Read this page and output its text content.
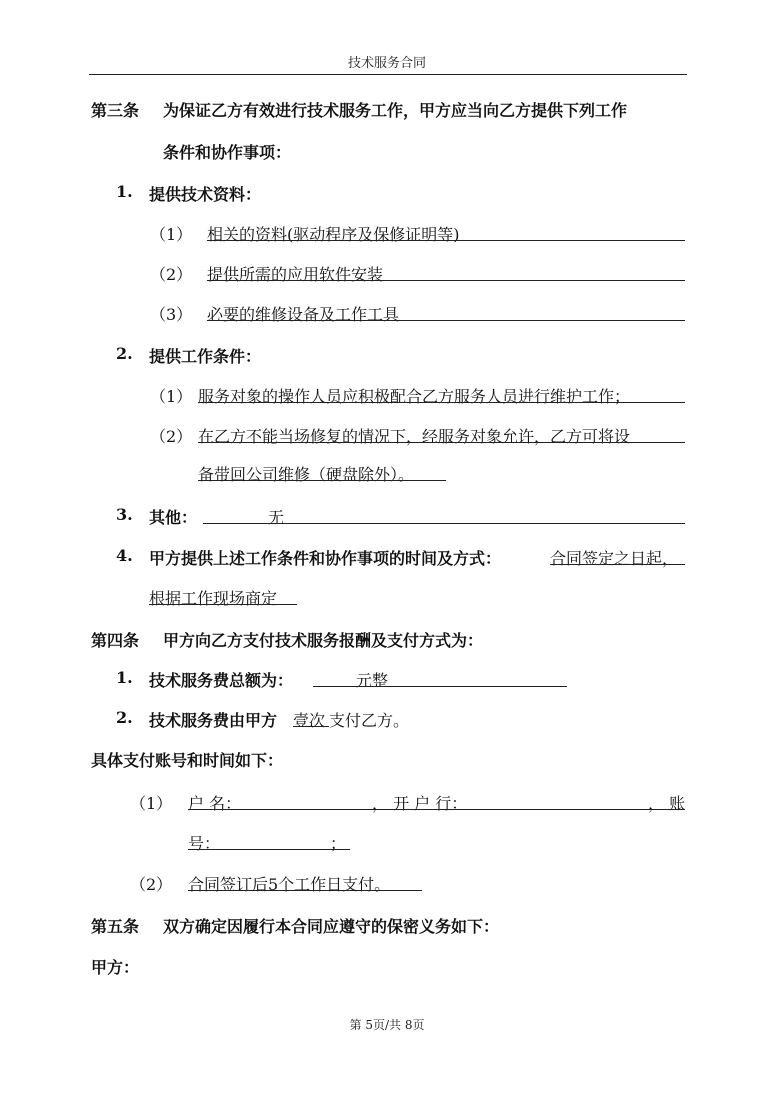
技术服务合同
第三条 为保证乙方有效进行技术服务工作，甲方应当向乙方提供下列工作
条件和协作事项：
1. 提供技术资料：
（1） 相关的资料(驱动程序及保修证明等)
（2） 提供所需的应用软件安装
（3） 必要的维修设备及工作工具
2. 提供工作条件：
（1） 服务对象的操作人员应积极配合乙方服务人员进行维护工作；
（2） 在乙方不能当场修复的情况下，经服务对象允许，乙方可将设
备带回公司维修（硬盘除外）。
3. 其他：	无
4. 甲方提供上述工作条件和协作事项的时间及方式：	合同签定之日起，
根据工作现场商定
第四条 甲方向乙方支付技术服务报酬及支付方式为：
1. 技术服务费总额为：	元整
2. 技术服务费由甲方 壹次 支付乙方。
具体支付账号和时间如下：
（1） 户 名：	， 开 户 行：	， 账
号：	；
（2） 合同签订后5个工作日支付。
第五条 双方确定因履行本合同应遵守的保密义务如下：
甲方：
第 5页/共 8页
